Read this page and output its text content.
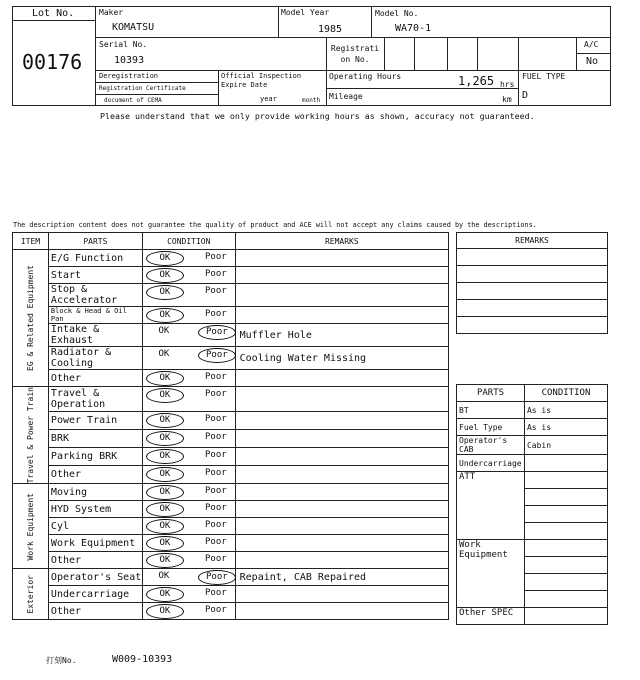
Lot No.
00176
Maker
KOMATSU
Model Year
1985
Model No.
WA70-1
Serial No.
10393
Registrati on No.
A/C
No
Deregistration
Registration Certificate
document of CEMA
Official Inspection Expire Date
year	month
Operating Hours	1,265 hrs
Mileage	km
FUEL TYPE
D
Please understand that we only provide working hours as shown, accuracy not guaranteed.
The description content does not guarantee the quality of product and ACE will not accept any claims caused by the descriptions.
ITEM	PARTS	CONDITION	REMARKS

EG & Related Equipment	E/G Function	OK Poor	

	Start	OK Poor	

	Stop & Accelerator	OK Poor	

	Block & Head & Oil Pan	OK Poor	

	Intake & Exhaust	OK Poor	Muffler Hole
	Radiator & Cooling	OK Poor	Cooling Water Missing
	Other	OK Poor	

Travel & Power Train	Travel & Operation	OK Poor	

	Power Train	OK Poor	

	BRK	OK Poor	

	Parking BRK	OK Poor	

	Other	OK Poor	

Work Equipment	Moving	OK Poor	

	HYD System	OK Poor	

	Cyl	OK Poor	

	Work Equipment	OK Poor	

	Other	OK Poor	

Exterior	Operator's Seat	OK Poor	Repaint, CAB Repaired
	Undercarriage	OK Poor	

	Other	OK Poor	

REMARKS

PARTS	CONDITION
BT	As is
Fuel Type	As is
Operator's CAB	Cabin
Undercarriage	
ATT	

Work Equipment	

Other SPEC	
打刻No.	W009-10393
